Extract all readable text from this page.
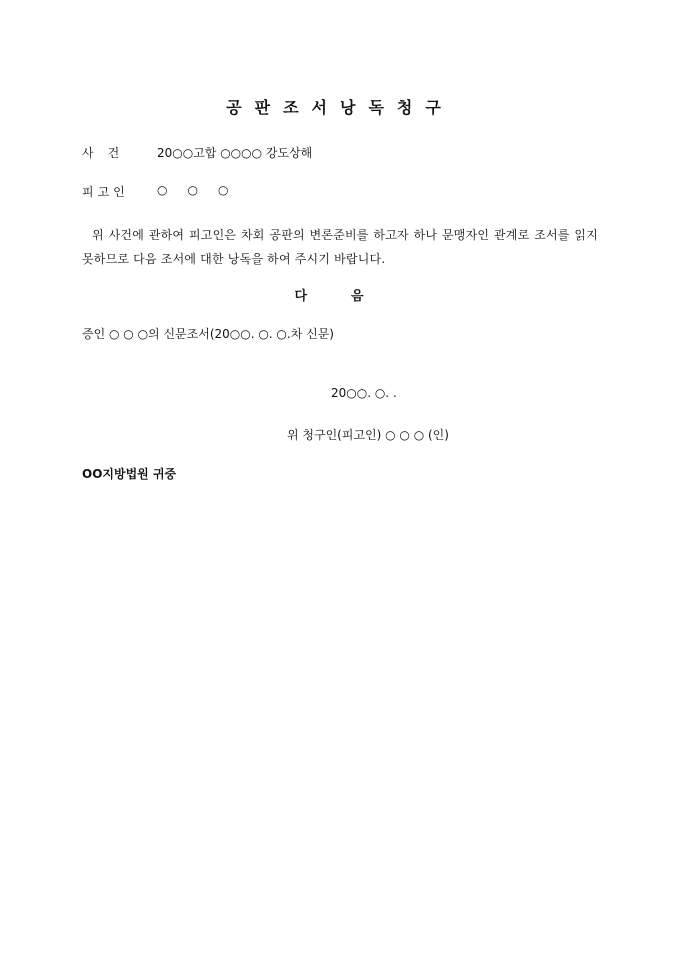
공판조서낭독청구
사건 20○○고합 ○○○○ 강도상해
피고인 ○○○
위 사건에 관하여 피고인은 차회 공판의 변론준비를 하고자 하나 문맹자인 관계로 조서를 읽지 못하므로 다음 조서에 대한 낭독을 하여 주시기 바랍니다.
다음
증인 ○ ○ ○의 신문조서(20○○. ○. ○.차 신문)
20○○. ○. .
위 청구인(피고인) ○ ○ ○ (인)
OO지방법원 귀중
